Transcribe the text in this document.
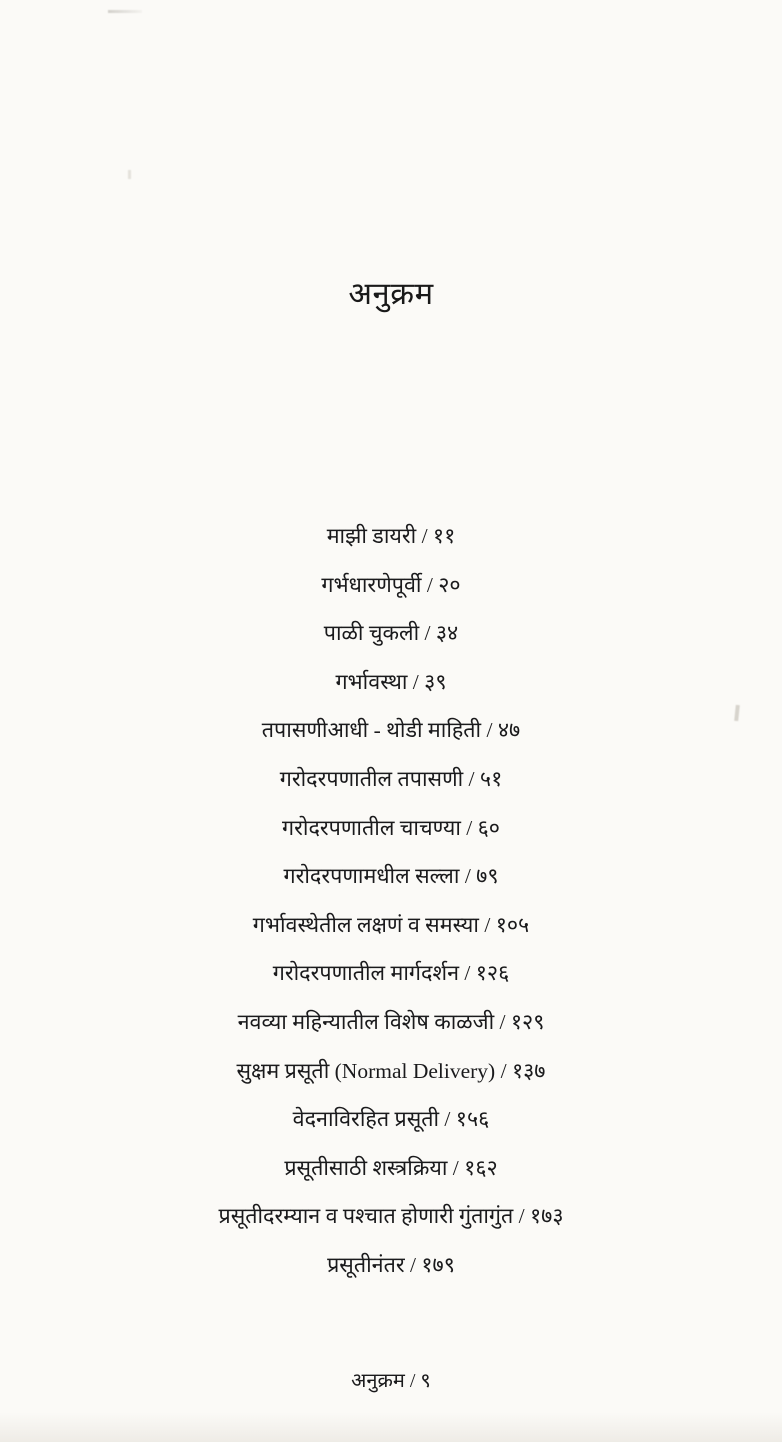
अनुक्रम
माझी डायरी / ११
गर्भधारणेपूर्वी / २०
पाळी चुकली / ३४
गर्भावस्था / ३९
तपासणीआधी - थोडी माहिती / ४७
गरोदरपणातील तपासणी / ५१
गरोदरपणातील चाचण्या / ६०
गरोदरपणामधील सल्ला / ७९
गर्भावस्थेतील लक्षणं व समस्या / १०५
गरोदरपणातील मार्गदर्शन / १२६
नवव्या महिन्यातील विशेष काळजी / १२९
सुक्षम प्रसूती (Normal Delivery) / १३७
वेदनाविरहित प्रसूती / १५६
प्रसूतीसाठी शस्त्रक्रिया / १६२
प्रसूतीदरम्यान व पश्चात होणारी गुंतागुंत / १७३
प्रसूतीनंतर / १७९
अनुक्रम / ९
